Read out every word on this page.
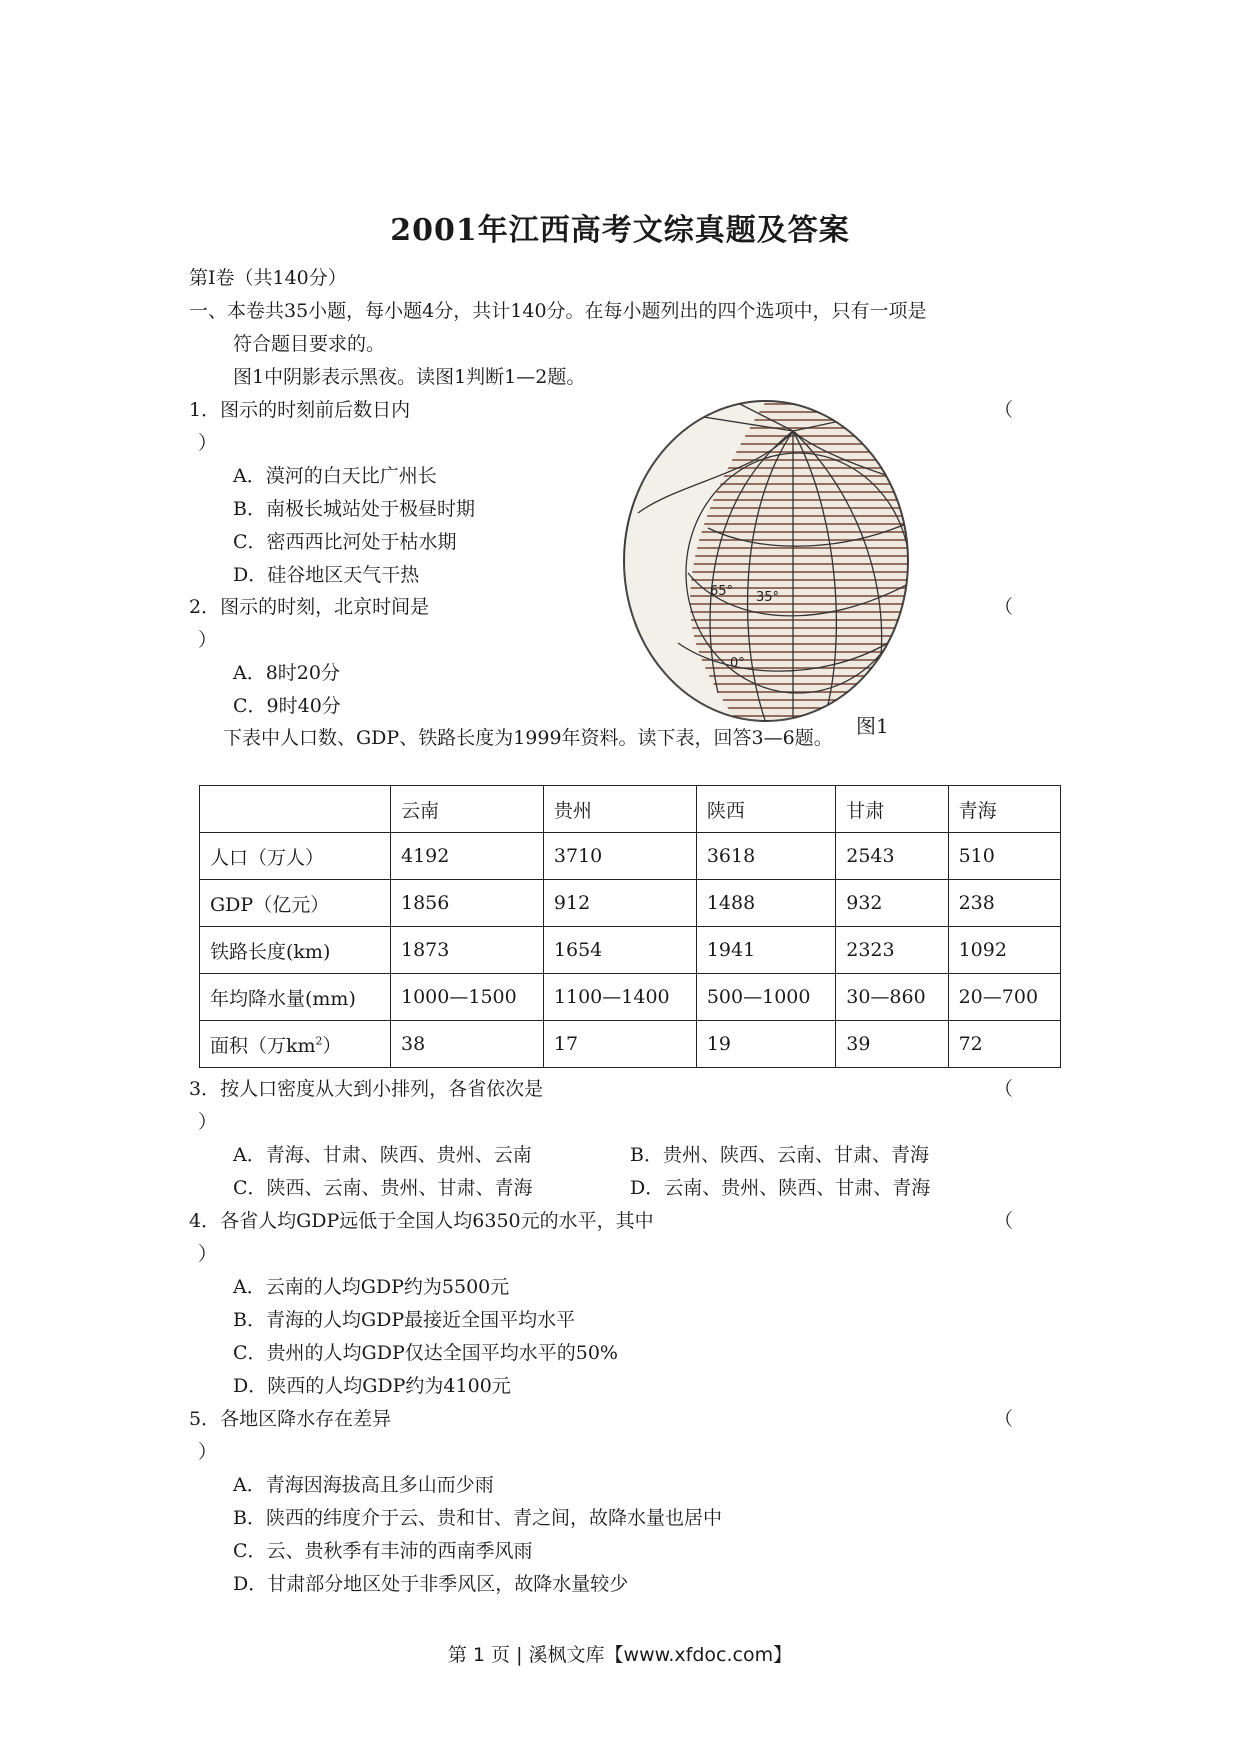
2001年江西高考文综真题及答案
第Ⅰ卷（共140分）
一、本卷共35小题，每小题4分，共计140分。在每小题列出的四个选项中，只有一项是
符合题目要求的。
图1中阴影表示黑夜。读图1判断1—2题。
1．图示的时刻前后数日内	（
）
A．漠河的白天比广州长
B．南极长城站处于极昼时期
C．密西西比河处于枯水期
D．硅谷地区天气干热
2．图示的时刻，北京时间是	（
）
A．8时20分
C．9时40分
65° 35°
0°
图1
下表中人口数、GDP、铁路长度为1999年资料。读下表，回答3—6题。
	云南	贵州	陕西	甘肃	青海
人口（万人）	4192	3710	3618	2543	510
GDP（亿元）	1856	912	1488	932	238
铁路长度(km)	1873	1654	1941	2323	1092
年均降水量(mm)	1000—1500	1100—1400	500—1000	30—860	20—700
面积（万$km^2$）	38	17	19	39	72
3．按人口密度从大到小排列，各省依次是	（
）
A．青海、甘肃、陕西、贵州、云南	B．贵州、陕西、云南、甘肃、青海
C．陕西、云南、贵州、甘肃、青海	D．云南、贵州、陕西、甘肃、青海
4．各省人均GDP远低于全国人均6350元的水平，其中	（
）
A．云南的人均GDP约为5500元
B．青海的人均GDP最接近全国平均水平
C．贵州的人均GDP仅达全国平均水平的50%
D．陕西的人均GDP约为4100元
5．各地区降水存在差异	（
）
A．青海因海拔高且多山而少雨
B．陕西的纬度介于云、贵和甘、青之间，故降水量也居中
C．云、贵秋季有丰沛的西南季风雨
D．甘肃部分地区处于非季风区，故降水量较少
第 1 页 | 溪枫文库【www.xfdoc.com】
